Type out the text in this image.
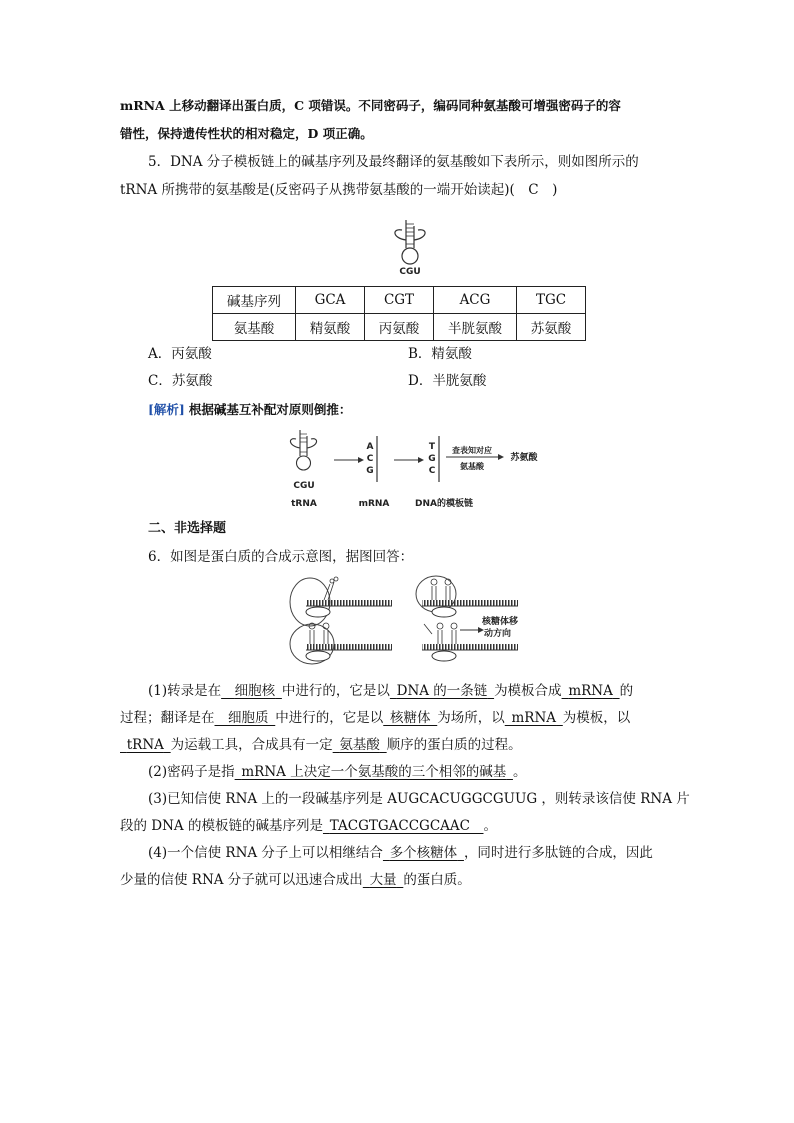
mRNA 上移动翻译出蛋白质，C 项错误。不同密码子，编码同种氨基酸可增强密码子的容
错性，保持遗传性状的相对稳定，D 项正确。
5．DNA 分子模板链上的碱基序列及最终翻译的氨基酸如下表所示，则如图所示的
tRNA 所携带的氨基酸是(反密码子从携带氨基酸的一端开始读起)(　C　)
CGU
碱基序列	GCA	CGT	ACG	TGC
氨基酸	精氨酸	丙氨酸	半胱氨酸	苏氨酸
A．丙氨酸	B．精氨酸
C．苏氨酸	D．半胱氨酸
[解析] 根据碱基互补配对原则倒推：
CGU
tRNA
A
C
G
mRNA
T
G
C
DNA的模板链
查表知对应
氨基酸
苏氨酸
二、非选择题
6．如图是蛋白质的合成示意图，据图回答：
核糖体移
动方向
(1)转录是在  细胞核  中进行的，它是以  DNA 的一条链  为模板合成  mRNA  的
过程；翻译是在  细胞质  中进行的，它是以  核糖体  为场所，以  mRNA  为模板，以
 tRNA  为运载工具，合成具有一定  氨基酸  顺序的蛋白质的过程。
(2)密码子是指  mRNA 上决定一个氨基酸的三个相邻的碱基  。
(3)已知信使 RNA 上的一段碱基序列是 AUGCACUGGCGUUG ，则转录该信使 RNA 片
段的 DNA 的模板链的碱基序列是  TACGTGACCGCAAC   。
(4)一个信使 RNA 分子上可以相继结合  多个核糖体  ，同时进行多肽链的合成，因此
少量的信使 RNA 分子就可以迅速合成出  大量  的蛋白质。
